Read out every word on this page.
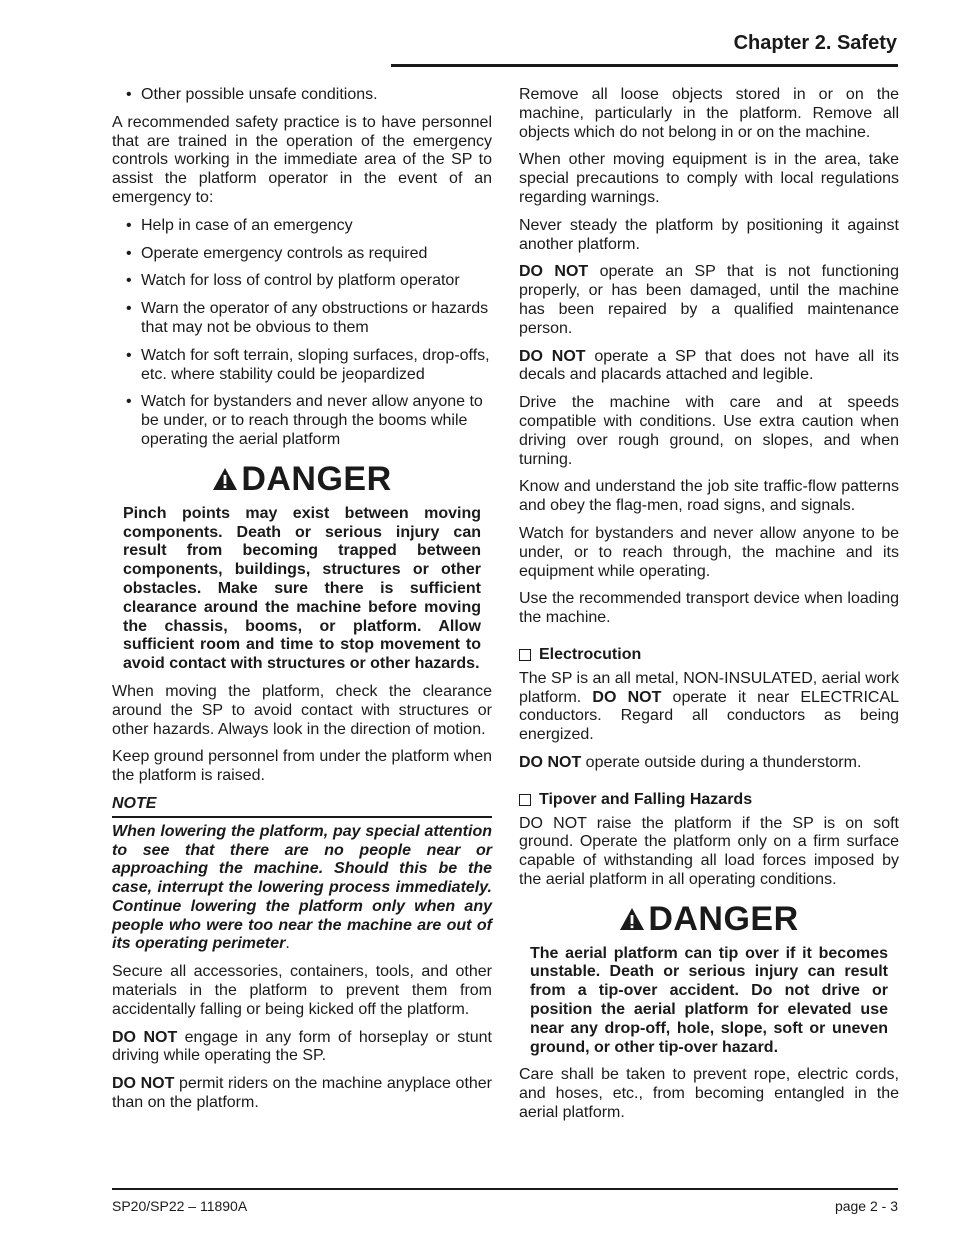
Chapter 2. Safety
• Other possible unsafe conditions.

A recommended safety practice is to have personnel that are trained in the operation of the emergency controls working in the immediate area of the SP to assist the platform operator in the event of an emergency to:

• Help in case of an emergency
• Operate emergency controls as required
• Watch for loss of control by platform operator
• Warn the operator of any obstructions or hazards that may not be obvious to them
• Watch for soft terrain, sloping surfaces, drop-offs, etc. where stability could be jeopardized
• Watch for bystanders and never allow anyone to be under, or to reach through the booms while operating the aerial platform
DANGER
Pinch points may exist between moving components. Death or serious injury can result from becoming trapped between components, buildings, structures or other obstacles. Make sure there is sufficient clearance around the machine before moving the chassis, booms, or platform. Allow sufficient room and time to stop movement to avoid contact with structures or other hazards.

When moving the platform, check the clearance around the SP to avoid contact with structures or other hazards. Always look in the direction of motion.

Keep ground personnel from under the platform when the platform is raised.

NOTE

When lowering the platform, pay special attention to see that there are no people near or approaching the machine. Should this be the case, interrupt the lowering process immediately. Continue lowering the platform only when any people who were too near the machine are out of its operating perimeter.

Secure all accessories, containers, tools, and other materials in the platform to prevent them from accidentally falling or being kicked off the platform.

DO NOT engage in any form of horseplay or stunt driving while operating the SP.

DO NOT permit riders on the machine anyplace other than on the platform.

Remove all loose objects stored in or on the machine, particularly in the platform. Remove all objects which do not belong in or on the machine.

When other moving equipment is in the area, take special precautions to comply with local regulations regarding warnings.

Never steady the platform by positioning it against another platform.

DO NOT operate an SP that is not functioning properly, or has been damaged, until the machine has been repaired by a qualified maintenance person.

DO NOT operate a SP that does not have all its decals and placards attached and legible.

Drive the machine with care and at speeds compatible with conditions. Use extra caution when driving over rough ground, on slopes, and when turning.

Know and understand the job site traffic-flow patterns and obey the flag-men, road signs, and signals.

Watch for bystanders and never allow anyone to be under, or to reach through, the machine and its equipment while operating.

Use the recommended transport device when loading the machine.

Electrocution

The SP is an all metal, NON-INSULATED, aerial work platform. DO NOT operate it near ELECTRICAL conductors. Regard all conductors as being energized.

DO NOT operate outside during a thunderstorm.

Tipover and Falling Hazards

DO NOT raise the platform if the SP is on soft ground. Operate the platform only on a firm surface capable of withstanding all load forces imposed by the aerial platform in all operating conditions.

DANGER
The aerial platform can tip over if it becomes unstable. Death or serious injury can result from a tip-over accident. Do not drive or position the aerial platform for elevated use near any drop-off, hole, slope, soft or uneven ground, or other tip-over hazard.

Care shall be taken to prevent rope, electric cords, and hoses, etc., from becoming entangled in the aerial platform.

SP20/SP22 – 11890A	page 2 - 3
